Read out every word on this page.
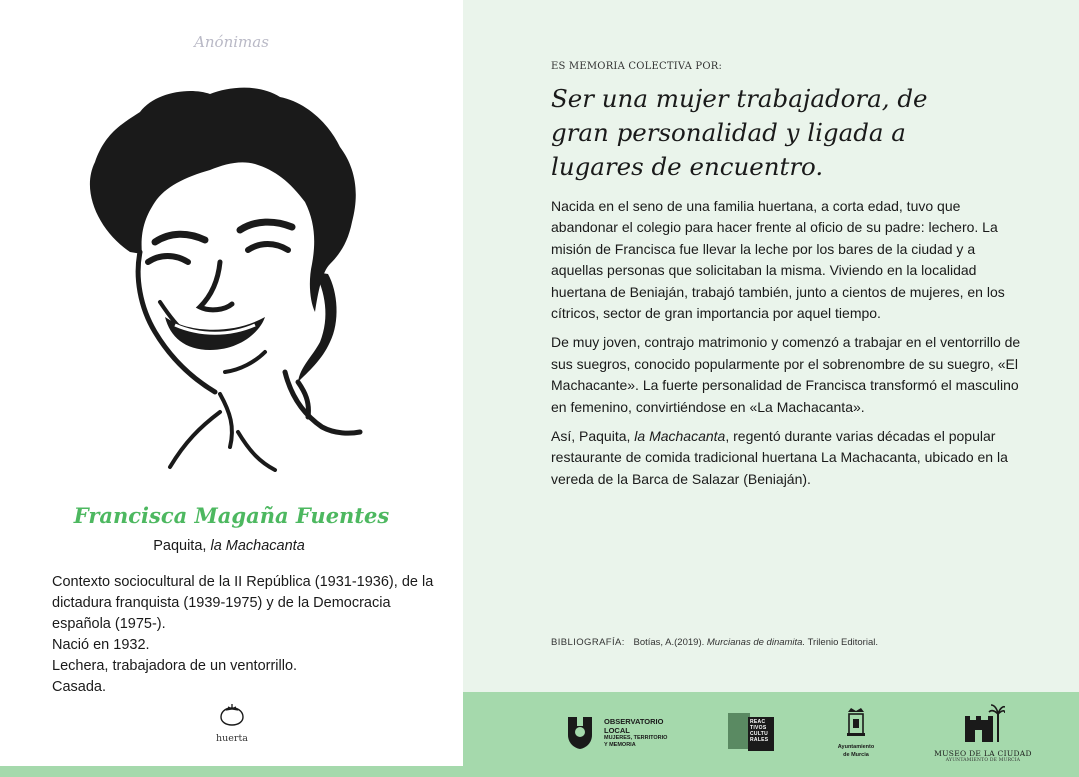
Anónimas
Francisca Magaña Fuentes
Paquita, la Machacanta
Contexto sociocultural de la II República (1931-1936), de la dictadura franquista (1939-1975) y de la Democracia española (1975-).
Nació en 1932.
Lechera, trabajadora de un ventorrillo.
Casada.
huerta
ES MEMORIA COLECTIVA POR:
Ser una mujer trabajadora, de gran personalidad y ligada a lugares de encuentro.

Nacida en el seno de una familia huertana, a corta edad, tuvo que abandonar el colegio para hacer frente al oficio de su padre: lechero. La misión de Francisca fue llevar la leche por los bares de la ciudad y a aquellas personas que solicitaban la misma. Viviendo en la localidad huertana de Beniaján, trabajó también, junto a cientos de mujeres, en los cítricos, sector de gran importancia por aquel tiempo.

De muy joven, contrajo matrimonio y comenzó a trabajar en el ventorrillo de sus suegros, conocido popularmente por el sobrenombre de su suegro, «El Machacante». La fuerte personalidad de Francisca transformó el masculino en femenino, convirtiéndose en «La Machacanta».

Así, Paquita, la Machacanta, regentó durante varias décadas el popular restaurante de comida tradicional huertana La Machacanta, ubicado en la vereda de la Barca de Salazar (Beniaján).

BIBLIOGRAFÍA: Botías, A.(2019). Murcianas de dinamita. Trilenio Editorial.
OBSERVATORIO
LOCAL
MUJERES, TERRITORIO
Y MEMORIA
REAC TIVOS CULTU RALES
Ayuntamiento
de Murcia	MUSEO DE LA CIUDAD
AYUNTAMIENTO DE MURCIA
